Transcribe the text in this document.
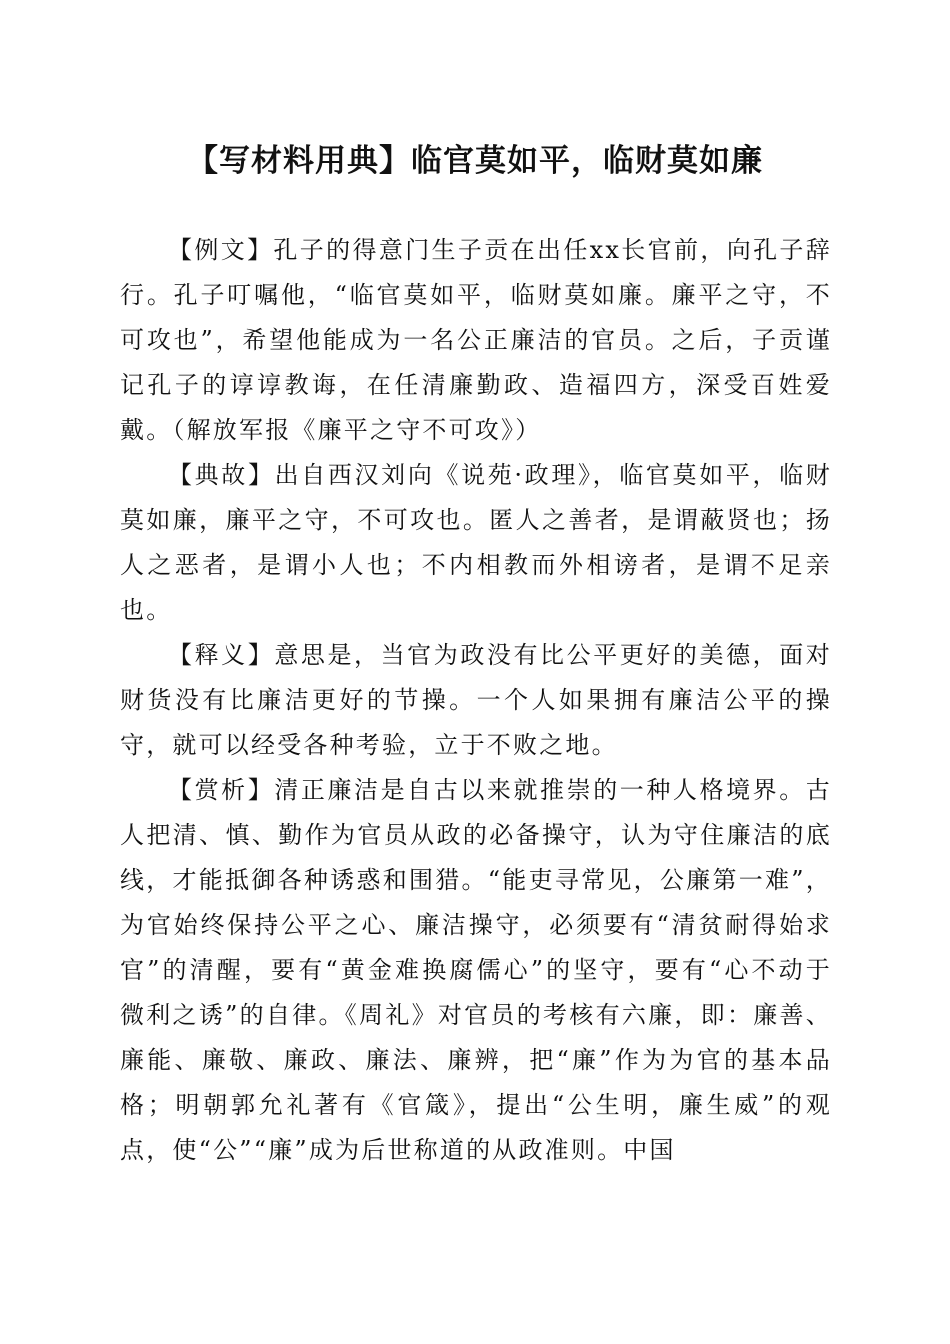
【写材料用典】临官莫如平，临财莫如廉

【例文】孔子的得意门生子贡在出任xx长官前，向孔子辞行。孔子叮嘱他，“临官莫如平，临财莫如廉。廉平之守，不可攻也”，希望他能成为一名公正廉洁的官员。之后，子贡谨记孔子的谆谆教诲，在任清廉勤政、造福四方，深受百姓爱戴。（解放军报《廉平之守不可攻》）

【典故】出自西汉刘向《说苑·政理》，临官莫如平，临财莫如廉，廉平之守，不可攻也。匿人之善者，是谓蔽贤也；扬人之恶者，是谓小人也；不内相教而外相谤者，是谓不足亲也。

【释义】意思是，当官为政没有比公平更好的美德，面对财货没有比廉洁更好的节操。一个人如果拥有廉洁公平的操守，就可以经受各种考验，立于不败之地。

【赏析】清正廉洁是自古以来就推崇的一种人格境界。古人把清、慎、勤作为官员从政的必备操守，认为守住廉洁的底线，才能抵御各种诱惑和围猎。“能吏寻常见，公廉第一难”，为官始终保持公平之心、廉洁操守，必须要有“清贫耐得始求官”的清醒，要有“黄金难换腐儒心”的坚守，要有“心不动于微利之诱”的自律。《周礼》对官员的考核有六廉，即：廉善、廉能、廉敬、廉政、廉法、廉辨，把“廉”作为为官的基本品格；明朝郭允礼著有《官箴》，提出“公生明，廉生威”的观点，使“公”“廉”成为后世称道的从政准则。中国
